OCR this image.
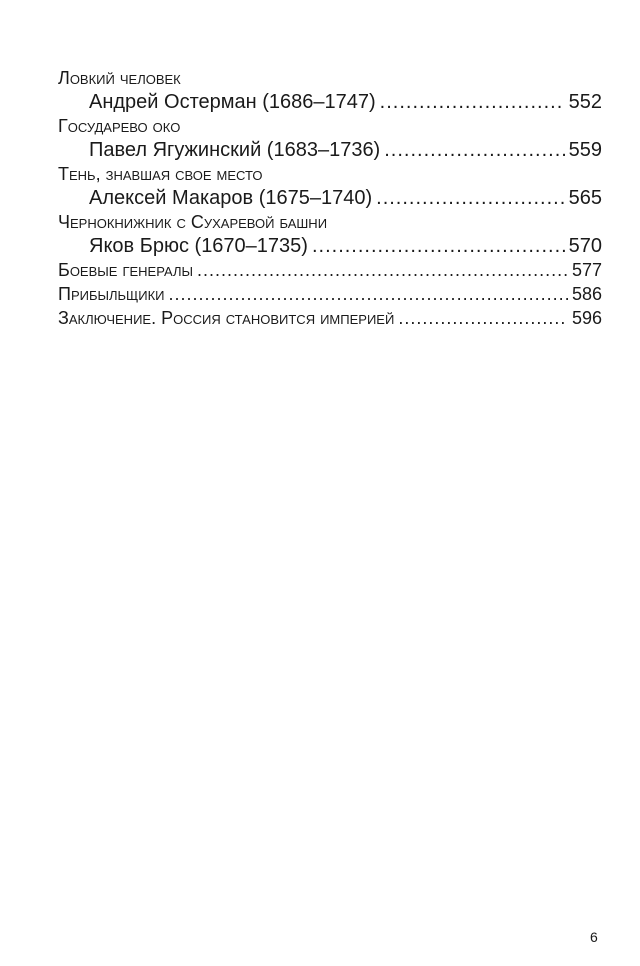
Ловкий человек
Андрей Остерман (1686–1747) .....	552
Государево око
Павел Ягужинский (1683–1736) .....	559
Тень, знавшая свое место
Алексей Макаров (1675–1740) .....	565
Чернокнижник с Сухаревой башни
Яков Брюс (1670–1735) .....	570
Боевые генералы .....	577
Прибыльщики .....	586
Заключение. Россия становится империей .....	596
6
